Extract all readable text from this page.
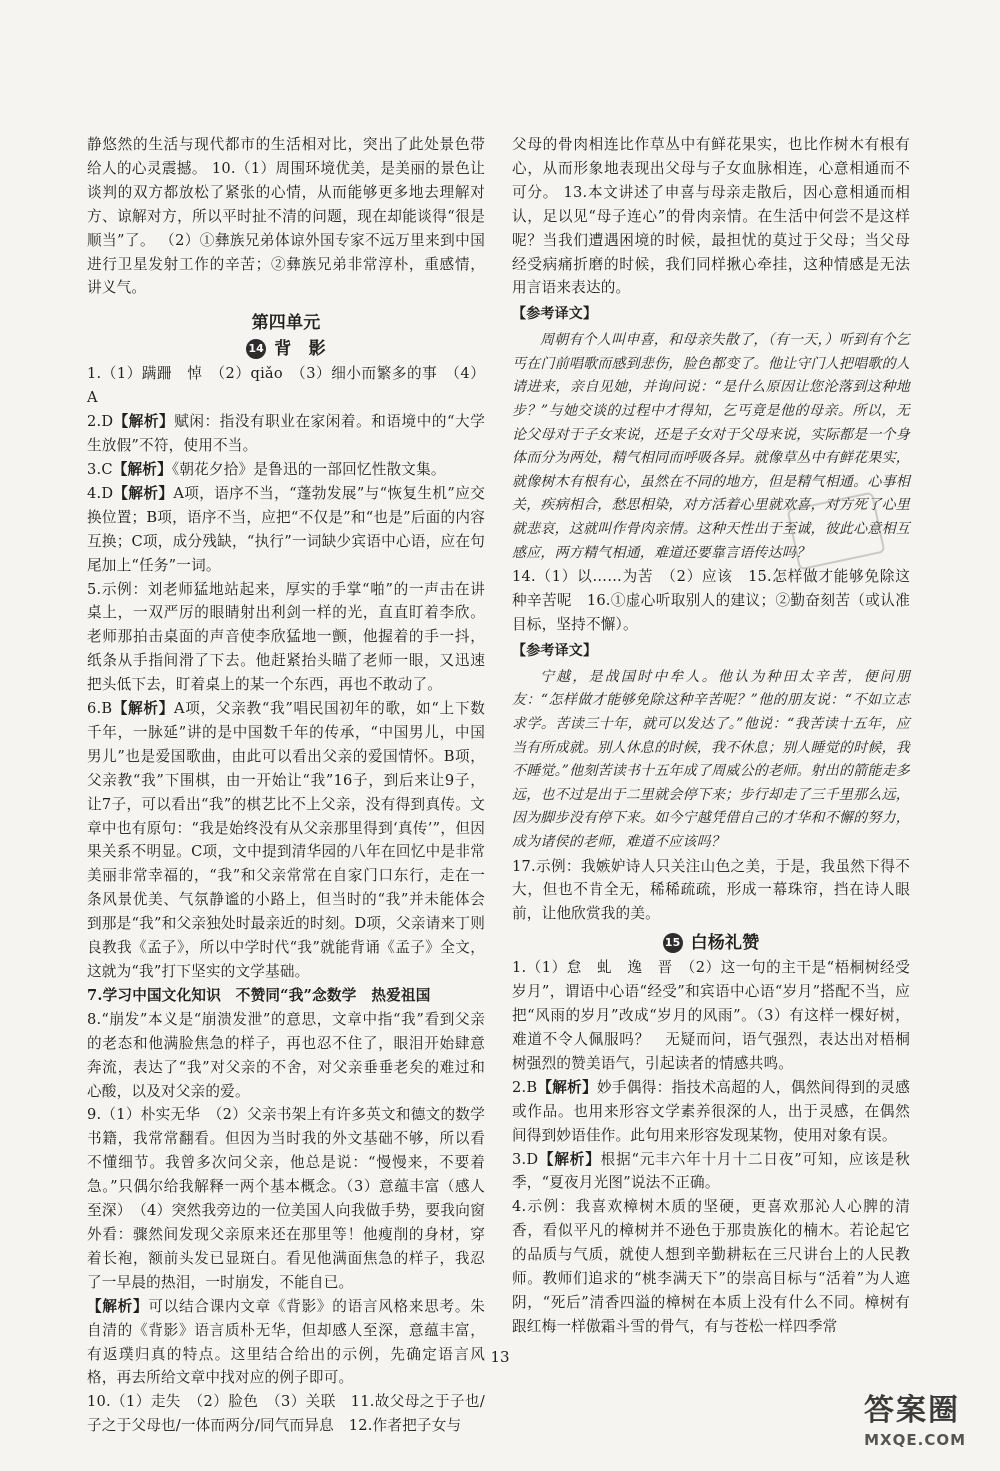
静悠然的生活与现代都市的生活相对比，突出了此处景色带给人的心灵震撼。 10.（1）周围环境优美，是美丽的景色让谈判的双方都放松了紧张的心情，从而能够更多地去理解对方、谅解对方，所以平时扯不清的问题，现在却能谈得“很是顺当”了。 （2）①彝族兄弟体谅外国专家不远万里来到中国进行卫星发射工作的辛苦；②彝族兄弟非常淳朴，重感情，讲义气。

第四单元
14 背　影

1.（1）蹒跚　悼　（2）qiǎo　（3）细小而繁多的事　（4）A

2.D【解析】赋闲：指没有职业在家闲着。和语境中的“大学生放假”不符，使用不当。

3.C【解析】《朝花夕拾》是鲁迅的一部回忆性散文集。

4.D【解析】A项，语序不当，“蓬勃发展”与“恢复生机”应交换位置；B项，语序不当，应把“不仅是”和“也是”后面的内容互换；C项，成分残缺，“执行”一词缺少宾语中心语，应在句尾加上“任务”一词。

5.示例：刘老师猛地站起来，厚实的手掌“啪”的一声击在讲桌上，一双严厉的眼睛射出利剑一样的光，直直盯着李欣。老师那拍击桌面的声音使李欣猛地一颤，他握着的手一抖，纸条从手指间滑了下去。他赶紧抬头瞄了老师一眼，又迅速把头低下去，盯着桌上的某一个东西，再也不敢动了。

6.B【解析】A项，父亲教“我”唱民国初年的歌，如“上下数千年，一脉延”讲的是中国数千年的传承，“中国男儿，中国男儿”也是爱国歌曲，由此可以看出父亲的爱国情怀。B项，父亲教“我”下围棋，由一开始让“我”16子，到后来让9子，让7子，可以看出“我”的棋艺比不上父亲，没有得到真传。文章中也有原句：“我是始终没有从父亲那里得到‘真传’”，但因果关系不明显。C项，文中提到清华园的八年在回忆中是非常美丽非常幸福的，“我”和父亲常常在自家门口东行，走在一条风景优美、气氛静谧的小路上，但当时的“我”并未能体会到那是“我”和父亲独处时最亲近的时刻。D项，父亲请来丁则良教我《孟子》，所以中学时代“我”就能背诵《孟子》全文，这就为“我”打下坚实的文学基础。

7.学习中国文化知识　不赞同“我”念数学　热爱祖国

8.“崩发”本义是“崩溃发泄”的意思，文章中指“我”看到父亲的老态和他满脸焦急的样子，再也忍不住了，眼泪开始肆意奔流，表达了“我”对父亲的不舍，对父亲垂垂老矣的难过和心酸，以及对父亲的爱。

9.（1）朴实无华　（2）父亲书架上有许多英文和德文的数学书籍，我常常翻看。但因为当时我的外文基础不够，所以看不懂细节。我曾多次问父亲，他总是说：“慢慢来，不要着急。”只偶尔给我解释一两个基本概念。（3）意蕴丰富（感人至深）　（4）突然我旁边的一位美国人向我做手势，要我向窗外看：骤然间发现父亲原来还在那里等！他瘦削的身材，穿着长袍，额前头发已显斑白。看见他满面焦急的样子，我忍了一早晨的热泪，一时崩发，不能自已。

【解析】可以结合课内文章《背影》的语言风格来思考。朱自清的《背影》语言质朴无华，但却感人至深，意蕴丰富，有返璞归真的特点。这里结合给出的示例，先确定语言风格，再去所给文章中找对应的例子即可。

10.（1）走失　（2）脸色　（3）关联　11.故父母之于子也/子之于父母也/一体而两分/同气而异息　12.作者把子女与

父母的骨肉相连比作草丛中有鲜花果实，也比作树木有根有心，从而形象地表现出父母与子女血脉相连，心意相通而不可分。 13.本文讲述了申喜与母亲走散后，因心意相通而相认，足以见“母子连心”的骨肉亲情。在生活中何尝不是这样呢？当我们遭遇困境的时候，最担忧的莫过于父母；当父母经受病痛折磨的时候，我们同样揪心牵挂，这种情感是无法用言语来表达的。

【参考译文】

周朝有个人叫申喜，和母亲失散了，（有一天，）听到有个乞丐在门前唱歌而感到悲伤，脸色都变了。他让守门人把唱歌的人请进来，亲自见她，并询问说：“是什么原因让您沦落到这种地步？”与她交谈的过程中才得知，乞丐竟是他的母亲。所以，无论父母对于子女来说，还是子女对于父母来说，实际都是一个身体而分为两处，精气相同而呼吸各异。就像草丛中有鲜花果实，就像树木有根有心，虽然在不同的地方，但是精气相通。心事相关，疾病相合，愁思相染，对方活着心里就欢喜，对方死了心里就悲哀，这就叫作骨肉亲情。这种天性出于至诚，彼此心意相互感应，两方精气相通，难道还要靠言语传达吗？

14.（1）以……为苦　（2）应该　15.怎样做才能够免除这种辛苦呢　16.①虚心听取别人的建议；②勤奋刻苦（或认准目标，坚持不懈）。

【参考译文】

宁越，是战国时中牟人。他认为种田太辛苦，便问朋友：“怎样做才能够免除这种辛苦呢？”他的朋友说：“不如立志求学。苦读三十年，就可以发达了。”他说：“我苦读十五年，应当有所成就。别人休息的时候，我不休息；别人睡觉的时候，我不睡觉。”他刻苦读书十五年成了周威公的老师。射出的箭能走多远，也不过是出于二里就会停下来；步行却走了三千里那么远，因为脚步没有停下来。如今宁越凭借自己的才华和不懈的努力，成为诸侯的老师，难道不应该吗？

17.示例：我嫉妒诗人只关注山色之美，于是，我虽然下得不大，但也不肯全无，稀稀疏疏，形成一幕珠帘，挡在诗人眼前，让他欣赏我的美。

15 白杨礼赞

1.（1）怠　虬　逸　晋　（2）这一句的主干是“梧桐树经受岁月”，谓语中心语“经受”和宾语中心语“岁月”搭配不当，应把“风雨的岁月”改成“岁月的风雨”。（3）有这样一棵好树，难道不令人佩服吗？　无疑而问，语气强烈，表达出对梧桐树强烈的赞美语气，引起读者的情感共鸣。

2.B【解析】妙手偶得：指技术高超的人，偶然间得到的灵感或作品。也用来形容文学素养很深的人，出于灵感，在偶然间得到妙语佳作。此句用来形容发现某物，使用对象有误。

3.D【解析】根据“元丰六年十月十二日夜”可知，应该是秋季，“夏夜月光图”说法不正确。

4.示例：我喜欢樟树木质的坚硬，更喜欢那沁人心脾的清香，看似平凡的樟树并不逊色于那贵族化的楠木。若论起它的品质与气质，就使人想到辛勤耕耘在三尺讲台上的人民教师。教师们追求的“桃李满天下”的崇高目标与“活着”为人遮阴，“死后”清香四溢的樟树在本质上没有什么不同。樟树有跟红梅一样傲霜斗雪的骨气，有与苍松一样四季常

13
答案圈
MXQE.COM
